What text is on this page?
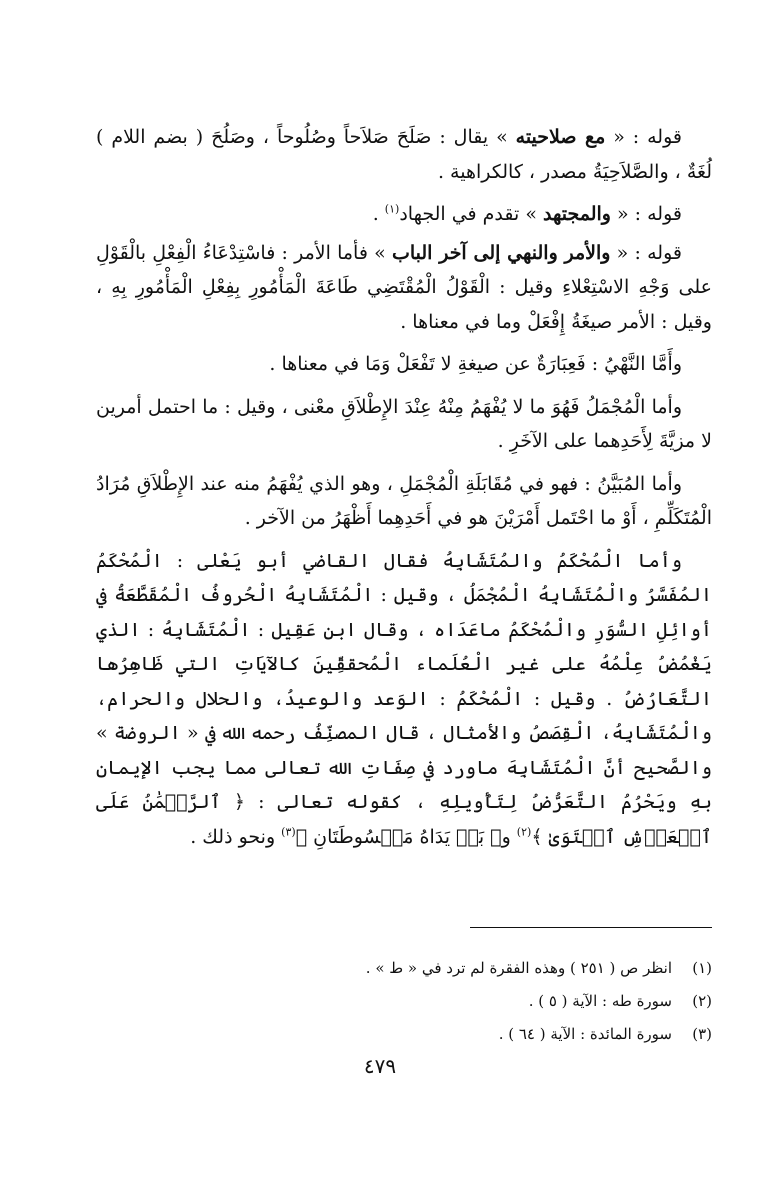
قوله : « مع صلاحيته » يقال : صَلَحَ صَلاَحاً وصُلُوحاً ، وصَلُحَ ( بضم اللام ) لُغَةٌ ، والصَّلاَحِيَةُ مصدر ، كالكراهية .

قوله : « والمجتهد » تقدم في الجهاد$^{(١)}$ .

قوله : « والأمر والنهي إلى آخر الباب » فأما الأمر : فاسْتِدْعَاءُ الْفِعْلِ بالْقَوْلِ على وَجْهِ الاسْتِعْلاءِ وقيل : الْقَوْلُ الْمُقْتَضِي طَاعَةَ الْمَأْمُورِ بِفِعْلِ الْمَأْمُورِ بِهِ ، وقيل : الأمر صيغَةُ إِفْعَلْ وما في معناها .

وأَمَّا النَّهْيُ : فَعِبَارَةٌ عن صيغةِ لا تَفْعَلْ وَمَا في معناها .

وأما الْمُجْمَلُ فَهُوَ ما لا يُفْهَمُ مِنْهُ عِنْدَ الإِطْلاَقِ معْنى ، وقيل : ما احتمل أمرين لا مزيَّةَ لِأَحَدِهما على الآخَرِ .

وأما المُبَيَّنُ : فهو في مُقَابَلَةِ الْمُجْمَلِ ، وهو الذي يُفْهَمُ منه عند الإِطْلاَقِ مُرَادُ الْمُتَكَلِّمِ ، أَوْ ما احْتَمل أَمْرَيْنَ هو في أَحَدِهِما أَظْهَرُ من الآخر .

وأما الْمُحْكَمُ والمُتَشَابِهُ فقال القاضي أبو يَعْلى : الْمُحْكَمُ المُفَسَّرُ والْمُتَشَابِهُ الْمُجْمَلُ ، وقيل : الْمُتَشَابِهُ الْحُروفُ الْمُقَطَّعَةُ في أوائِلِ السُّوَرِ والْمُحْكَمُ ماعَدَاه ، وقال ابن عَقِيل : الْمُتَشَابِهُ : الذي يَغْمُضُ عِلْمُهُ على غير الْعُلَماء الْمُحققِّينَ كالآيَاتِ التي ظَاهِرُها التَّعَارُضُ . وقيل : الْمُحْكَمُ : الوَعد والوعيدُ، والحلال والحرام، والْمُتَشَابِهُ، الْقِصَصُ والأمثال ، قال المصنِّفُ رحمه الله في « الروضة » والصَّحيح أنَّ الْمُتَشَابِهَ ماورد في صِفَاتِ الله تعالى مما يجب الإيمان بهِ ويَحْرُمُ التَّعَرُّضُ لِتَأْويلِهِ ، كقوله تعالى : ﴿ ٱلرَّحۡمَٰنُ عَلَى ٱلۡعَرۡشِ ٱسۡتَوَىٰ ﴾$^{(٢)}$ و﴿ بَلۡ يَدَاهُ مَبۡسُوطَتَانِ ﴾$^{(٣)}$ ونحو ذلك .

(١)انظر ص ( ٢٥١ ) وهذه الفقرة لم ترد في « ط » .
(٢)سورة طه : الآية ( ٥ ) .
(٣)سورة المائدة : الآية ( ٦٤ ) .
٤٧٩
